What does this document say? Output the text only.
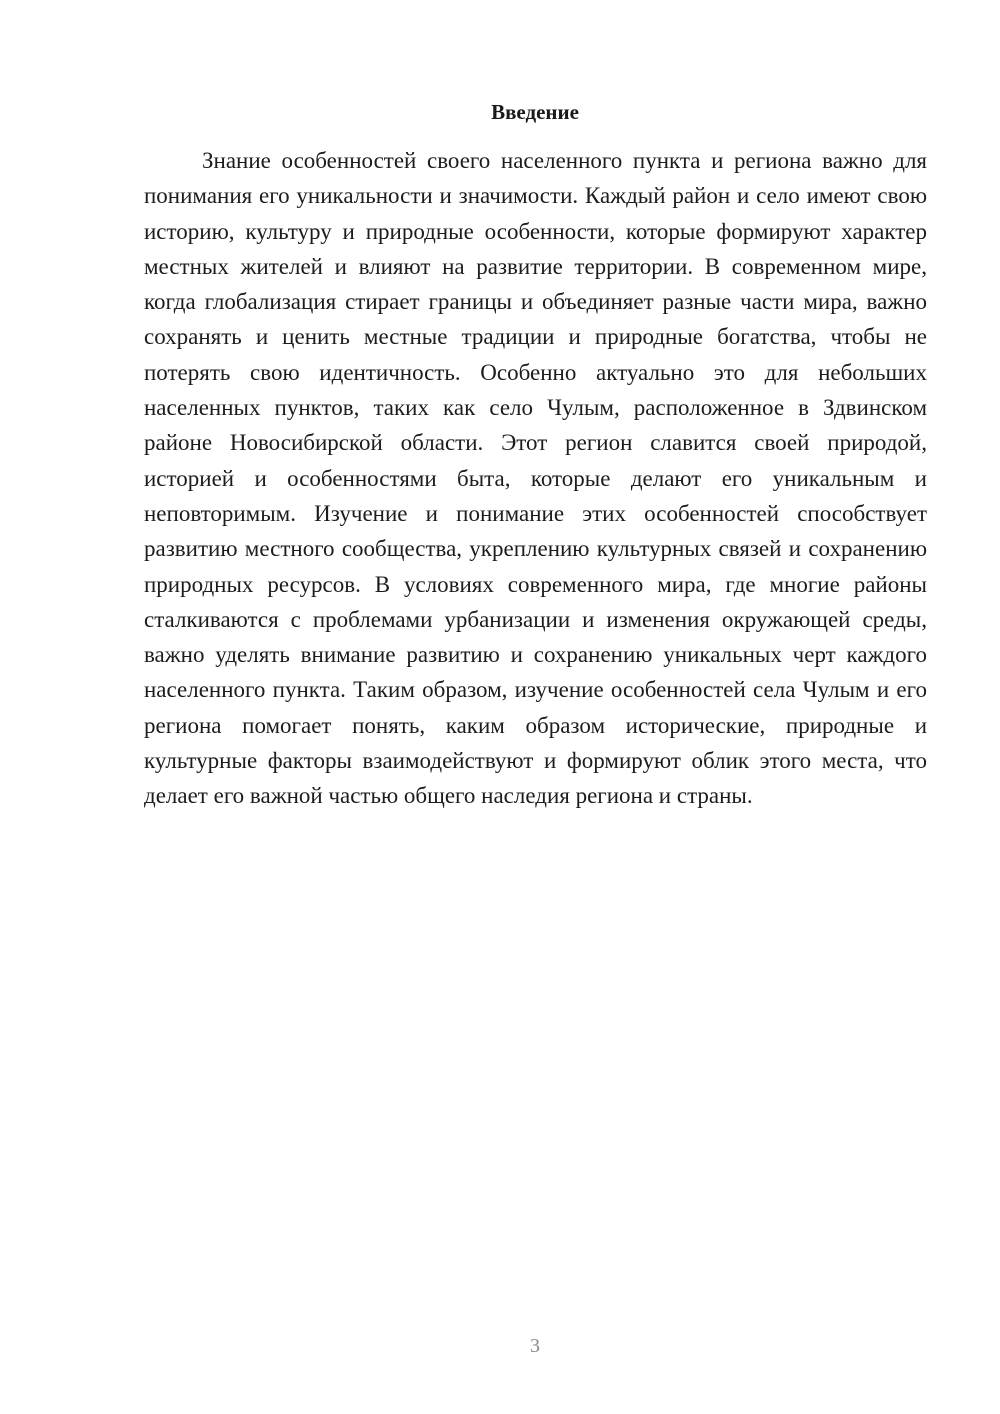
Введение

Знание особенностей своего населенного пункта и региона важно для понимания его уникальности и значимости. Каждый район и село имеют свою историю, культуру и природные особенности, которые формируют характер местных жителей и влияют на развитие территории. В современном мире, когда глобализация стирает границы и объединяет разные части мира, важно сохранять и ценить местные традиции и природные богатства, чтобы не потерять свою идентичность. Особенно актуально это для небольших населенных пунктов, таких как село Чулым, расположенное в Здвинском районе Новосибирской области. Этот регион славится своей природой, историей и особенностями быта, которые делают его уникальным и неповторимым. Изучение и понимание этих особенностей способствует развитию местного сообщества, укреплению культурных связей и сохранению природных ресурсов. В условиях современного мира, где многие районы сталкиваются с проблемами урбанизации и изменения окружающей среды, важно уделять внимание развитию и сохранению уникальных черт каждого населенного пункта. Таким образом, изучение особенностей села Чулым и его региона помогает понять, каким образом исторические, природные и культурные факторы взаимодействуют и формируют облик этого места, что делает его важной частью общего наследия региона и страны.

3
